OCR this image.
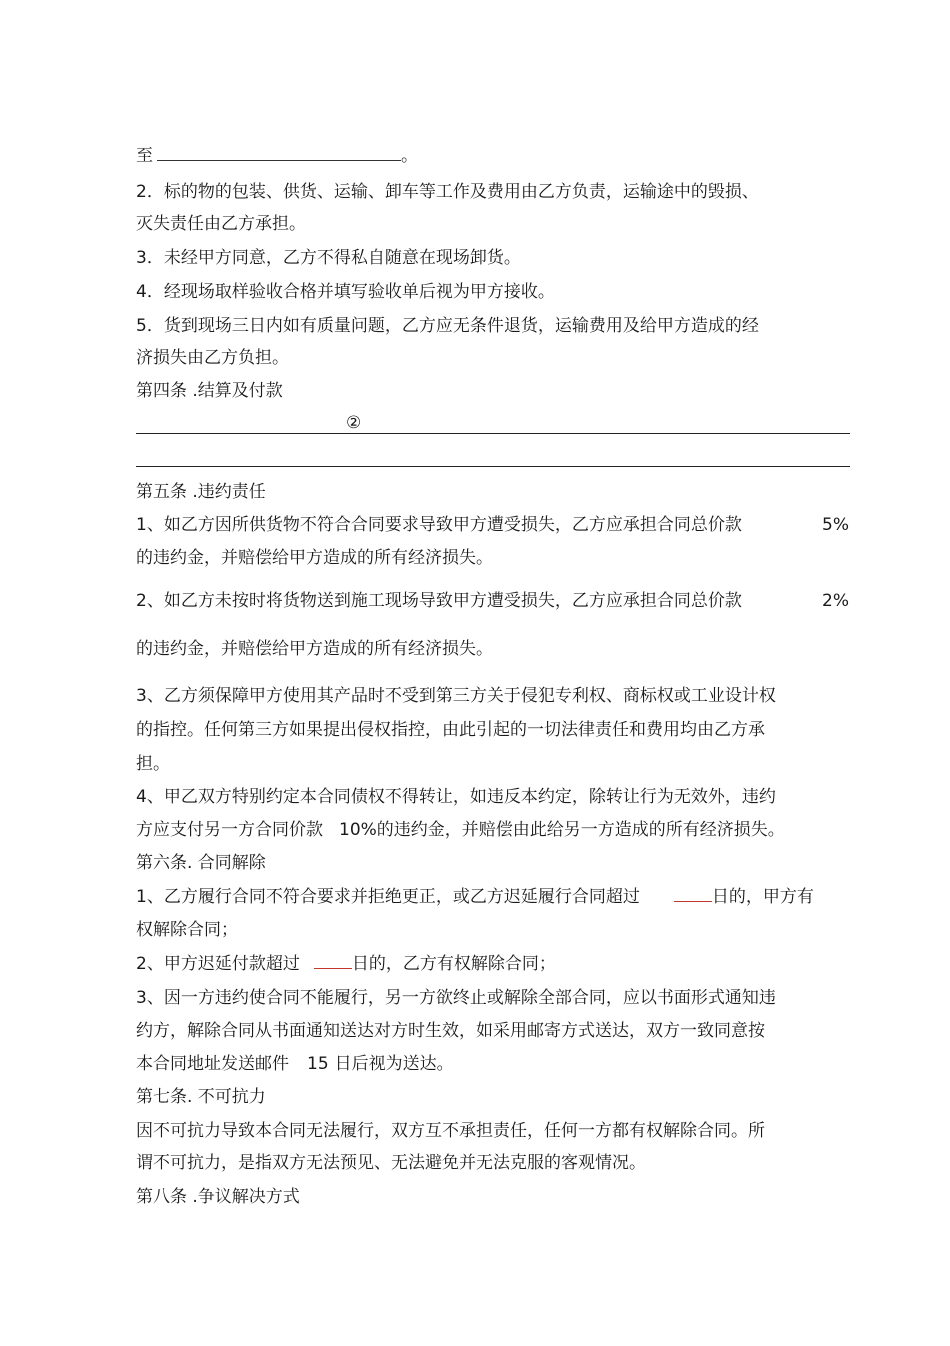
至	。
2．标的物的包装、供货、运输、卸车等工作及费用由乙方负责，运输途中的毁损、
灭失责任由乙方承担。
3．未经甲方同意，乙方不得私自随意在现场卸货。
4．经现场取样验收合格并填写验收单后视为甲方接收。
5．货到现场三日内如有质量问题，乙方应无条件退货，运输费用及给甲方造成的经
济损失由乙方负担。
第四条 .结算及付款
②
第五条 .违约责任
1、如乙方因所供货物不符合合同要求导致甲方遭受损失，乙方应承担合同总价款	5%
的违约金，并赔偿给甲方造成的所有经济损失。
2、如乙方未按时将货物送到施工现场导致甲方遭受损失，乙方应承担合同总价款	2%
的违约金，并赔偿给甲方造成的所有经济损失。
3、乙方须保障甲方使用其产品时不受到第三方关于侵犯专利权、商标权或工业设计权
的指控。任何第三方如果提出侵权指控，由此引起的一切法律责任和费用均由乙方承
担。
4、甲乙双方特别约定本合同债权不得转让，如违反本约定，除转让行为无效外，违约
方应支付另一方合同价款 10%的违约金，并赔偿由此给另一方造成的所有经济损失。
第六条. 合同解除
1、乙方履行合同不符合要求并拒绝更正，或乙方迟延履行合同超过	日的，甲方有
权解除合同；
2、甲方迟延付款超过	日的，乙方有权解除合同；
3、因一方违约使合同不能履行，另一方欲终止或解除全部合同，应以书面形式通知违
约方，解除合同从书面通知送达对方时生效，如采用邮寄方式送达，双方一致同意按
本合同地址发送邮件 15 日后视为送达。
第七条. 不可抗力
因不可抗力导致本合同无法履行，双方互不承担责任，任何一方都有权解除合同。所
谓不可抗力，是指双方无法预见、无法避免并无法克服的客观情况。
第八条 .争议解决方式
